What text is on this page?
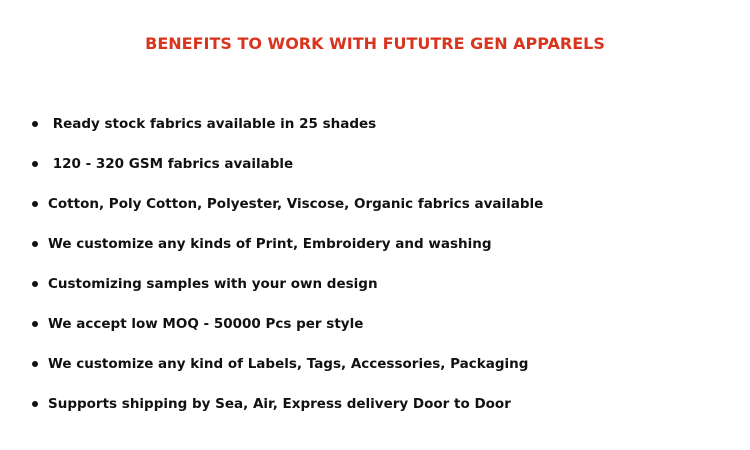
BENEFITS TO WORK WITH FUTUTRE GEN APPARELS
Ready stock fabrics available in 25 shades
120 - 320 GSM fabrics available
Cotton, Poly Cotton, Polyester, Viscose, Organic fabrics available
We customize any kinds of Print, Embroidery and washing
Customizing samples with your own design
We accept low MOQ - 50000 Pcs per style
We customize any kind of Labels, Tags, Accessories, Packaging
Supports shipping by Sea, Air, Express delivery Door to Door
